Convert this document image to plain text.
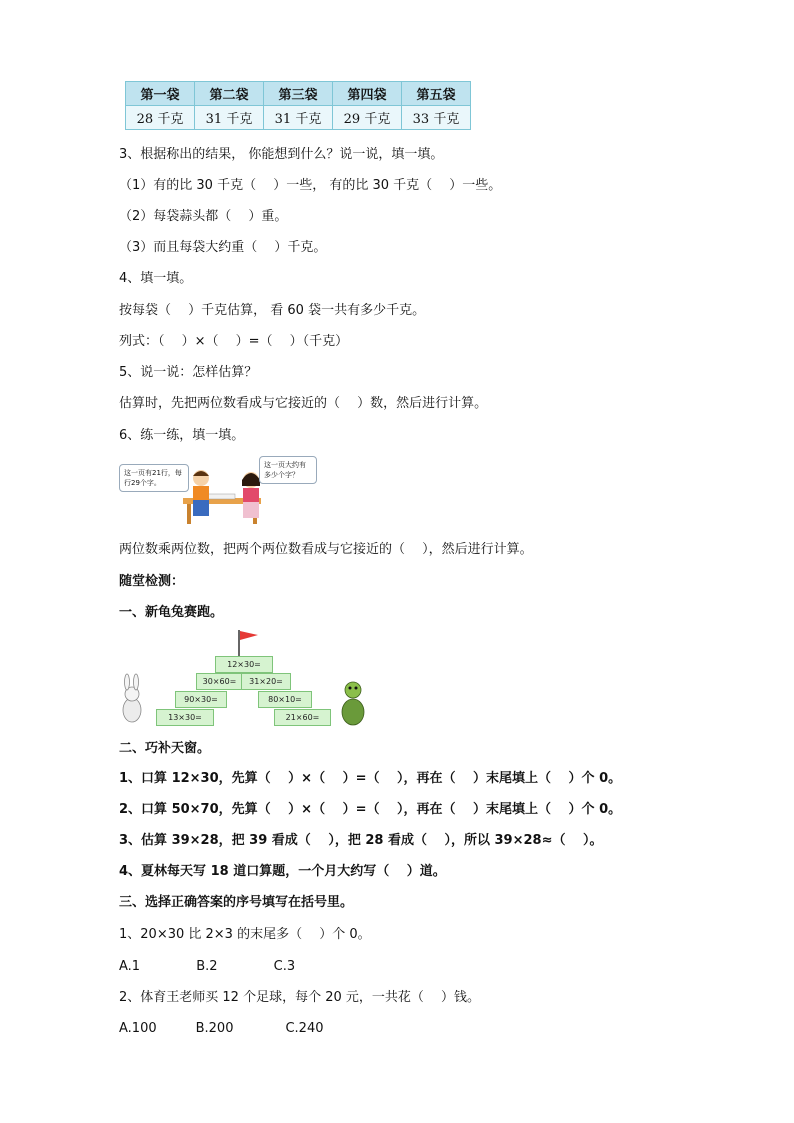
第一袋	第二袋	第三袋	第四袋	第五袋
28 千克	31 千克	31 千克	29 千克	33 千克
3、根据称出的结果， 你能想到什么？说一说，填一填。
（1）有的比 30 千克（　 ）一些， 有的比 30 千克（　 ）一些。
（2）每袋蒜头都（　 ）重。
（3）而且每袋大约重（　 ）千克。
4、填一填。
按每袋（　 ）千克估算， 看 60 袋一共有多少千克。
列式：（　 ）×（　 ）=（　 ）（千克）
5、说一说：怎样估算？
估算时，先把两位数看成与它接近的（　 ）数，然后进行计算。
6、练一练，填一填。
这一页有21行，每行29个字。
这一页大约有多少个字？
两位数乘两位数，把两个两位数看成与它接近的（　 ），然后进行计算。
随堂检测：
一、新龟兔赛跑。
12×30=
30×60=	31×20=
90×30=	80×10=
13×30=	21×60=
二、巧补天窗。
1、口算 12×30，先算（　 ）×（　 ）=（　 ），再在（　 ）末尾填上（　 ）个 0。
2、口算 50×70，先算（　 ）×（　 ）=（　 ），再在（　 ）末尾填上（　 ）个 0。
3、估算 39×28，把 39 看成（　 ），把 28 看成（　 ），所以 39×28≈（　 ）。
4、夏林每天写 18 道口算题，一个月大约写（　 ）道。
三、选择正确答案的序号填写在括号里。
1、20×30 比 2×3 的末尾多（　 ）个 0。
A.1　　　　 B.2　　　　 C.3
2、体育王老师买 12 个足球，每个 20 元，一共花（　 ）钱。
A.100　　　B.200　　　　C.240
